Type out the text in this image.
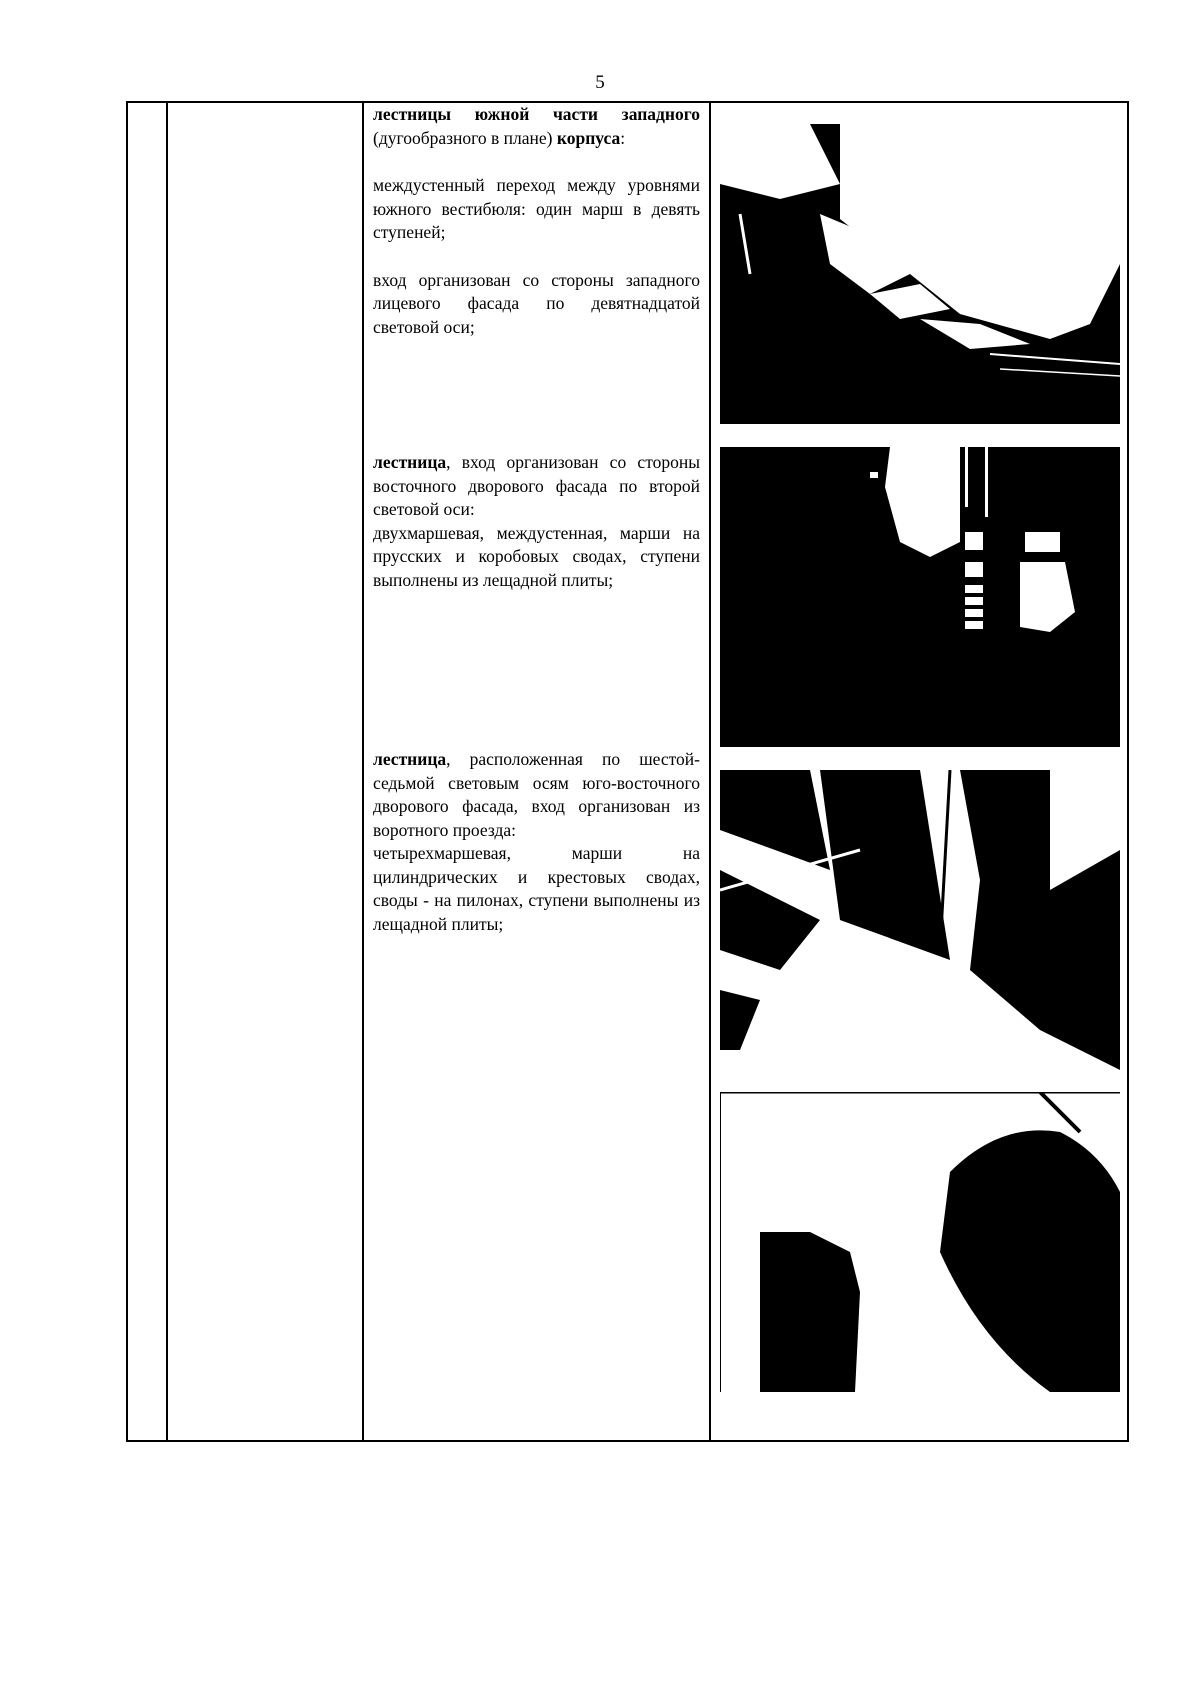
5

лестницы южной части западного (дугообразного в плане) корпуса:

междустенный переход между уровнями южного вестибюля: один марш в девять ступеней;

вход организован со стороны западного лицевого фасада по девятнадцатой световой оси;

лестница, вход организован со стороны восточного дворового фасада по второй световой оси:

двухмаршевая, междустенная, марши на прусских и коробовых сводах, ступени выполнены из лещадной плиты;

лестница, расположенная по шестой-седьмой световым осям юго-восточного дворового фасада, вход организован из воротного проезда:

четырехмаршевая, марши на цилиндрических и крестовых сводах, своды - на пилонах, ступени выполнены из лещадной плиты;
